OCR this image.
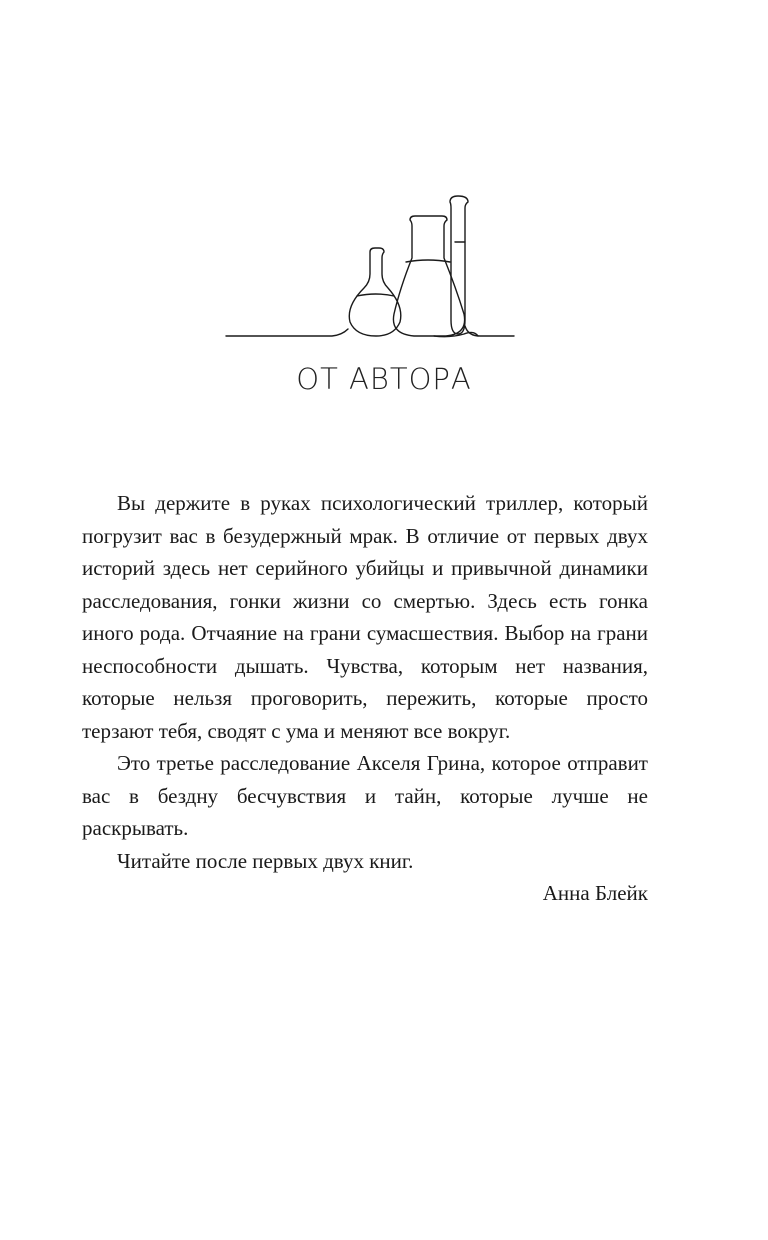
ОТ АВТОРА

Вы держите в руках психологический триллер, который погрузит вас в безудержный мрак. В отличие от первых двух историй здесь нет серийного убийцы и привычной динамики расследования, гонки жизни со смертью. Здесь есть гонка иного рода. Отчаяние на грани сумасшествия. Выбор на грани неспособности дышать. Чувства, которым нет названия, которые нельзя проговорить, пережить, которые просто терзают тебя, сводят с ума и меняют все вокруг.

Это третье расследование Акселя Грина, которое отправит вас в бездну бесчувствия и тайн, которые лучше не раскрывать.

Читайте после первых двух книг.

Анна Блейк
